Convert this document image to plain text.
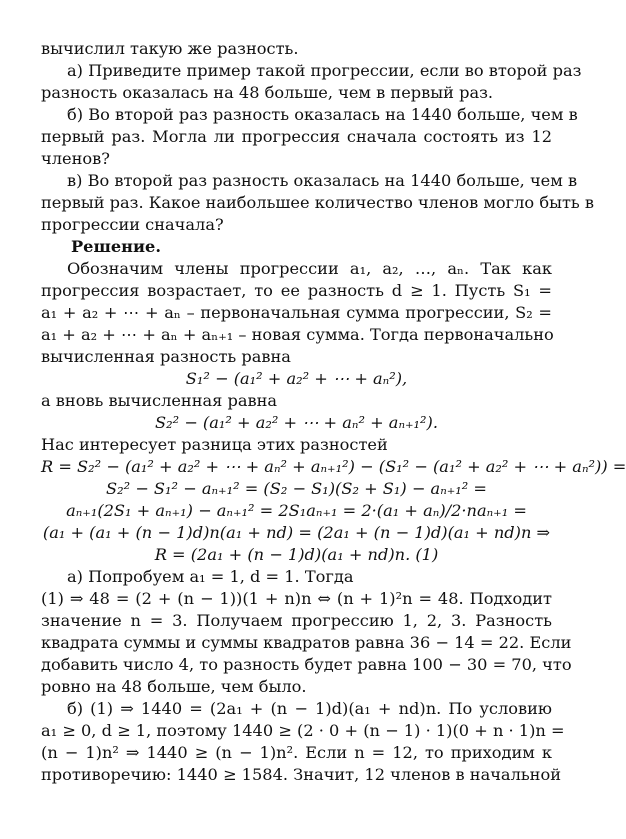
вычислил такую же разность.
а) Приведите пример такой прогрессии, если во второй раз
разность оказалась на 48 больше, чем в первый раз.
б) Во второй раз разность оказалась на 1440 больше, чем в
первый раз. Могла ли прогрессия сначала состоять из 12
членов?
в) Во второй раз разность оказалась на 1440 больше, чем в
первый раз. Какое наибольшее количество членов могло быть в
прогрессии сначала?
Решение.
Обозначим члены прогрессии a₁, a₂, …, aₙ. Так как
прогрессия возрастает, то ее разность d ≥ 1. Пусть S₁ =
a₁ + a₂ + ⋯ + aₙ – первоначальная сумма прогрессии, S₂ =
a₁ + a₂ + ⋯ + aₙ + aₙ₊₁ – новая сумма. Тогда первоначально
вычисленная разность равна
S₁² − (a₁² + a₂² + ⋯ + aₙ²),
а вновь вычисленная равна
S₂² − (a₁² + a₂² + ⋯ + aₙ² + aₙ₊₁²).
Нас интересует разница этих разностей
R = S₂² − (a₁² + a₂² + ⋯ + aₙ² + aₙ₊₁²) − (S₁² − (a₁² + a₂² + ⋯ + aₙ²)) =
S₂² − S₁² − aₙ₊₁² = (S₂ − S₁)(S₂ + S₁) − aₙ₊₁² =
aₙ₊₁(2S₁ + aₙ₊₁) − aₙ₊₁² = 2S₁aₙ₊₁ = 2·(a₁ + aₙ)/2·naₙ₊₁ =
(a₁ + (a₁ + (n − 1)d)n(a₁ + nd) = (2a₁ + (n − 1)d)(a₁ + nd)n ⇒
R = (2a₁ + (n − 1)d)(a₁ + nd)n. (1)
а) Попробуем a₁ = 1, d = 1. Тогда
(1) ⇒ 48 = (2 + (n − 1))(1 + n)n ⇔ (n + 1)²n = 48. Подходит
значение n = 3. Получаем прогрессию 1, 2, 3. Разность
квадрата суммы и суммы квадратов равна 36 − 14 = 22. Если
добавить число 4, то разность будет равна 100 − 30 = 70, что
ровно на 48 больше, чем было.
б) (1) ⇒ 1440 = (2a₁ + (n − 1)d)(a₁ + nd)n. По условию
a₁ ≥ 0, d ≥ 1, поэтому 1440 ≥ (2 · 0 + (n − 1) · 1)(0 + n · 1)n =
(n − 1)n² ⇒ 1440 ≥ (n − 1)n². Если n = 12, то приходим к
противоречию: 1440 ≥ 1584. Значит, 12 членов в начальной
